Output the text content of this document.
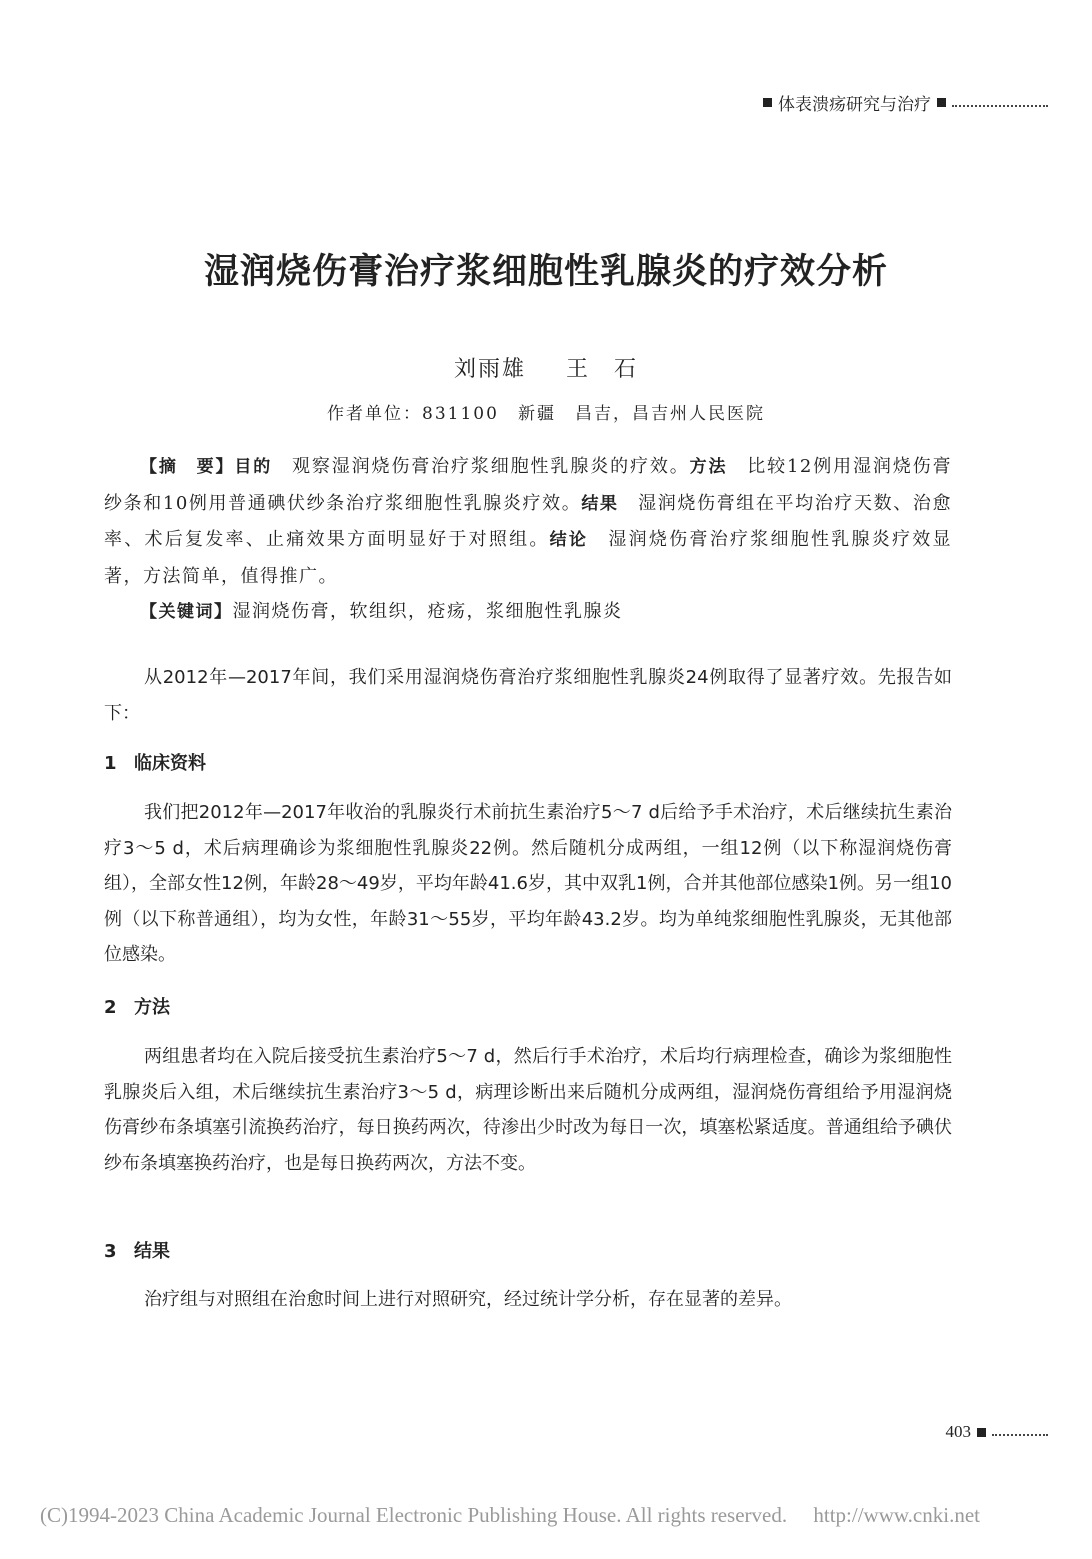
体表溃疡研究与治疗
湿润烧伤膏治疗浆细胞性乳腺炎的疗效分析
刘雨雄 王　石
作者单位：831100　新疆　昌吉，昌吉州人民医院

【摘　要】目的　观察湿润烧伤膏治疗浆细胞性乳腺炎的疗效。方法　比较12例用湿润烧伤膏纱条和10例用普通碘伏纱条治疗浆细胞性乳腺炎疗效。结果　湿润烧伤膏组在平均治疗天数、治愈率、术后复发率、止痛效果方面明显好于对照组。结论　湿润烧伤膏治疗浆细胞性乳腺炎疗效显著，方法简单，值得推广。

【关键词】湿润烧伤膏，软组织，疮疡，浆细胞性乳腺炎

从2012年—2017年间，我们采用湿润烧伤膏治疗浆细胞性乳腺炎24例取得了显著疗效。先报告如下：

1 临床资料

我们把2012年—2017年收治的乳腺炎行术前抗生素治疗5～7 d后给予手术治疗，术后继续抗生素治疗3～5 d，术后病理确诊为浆细胞性乳腺炎22例。然后随机分成两组，一组12例（以下称湿润烧伤膏组），全部女性12例，年龄28～49岁，平均年龄41.6岁，其中双乳1例，合并其他部位感染1例。另一组10例（以下称普通组），均为女性，年龄31～55岁，平均年龄43.2岁。均为单纯浆细胞性乳腺炎，无其他部位感染。

2 方法

两组患者均在入院后接受抗生素治疗5～7 d，然后行手术治疗，术后均行病理检查，确诊为浆细胞性乳腺炎后入组，术后继续抗生素治疗3～5 d，病理诊断出来后随机分成两组，湿润烧伤膏组给予用湿润烧伤膏纱布条填塞引流换药治疗，每日换药两次，待渗出少时改为每日一次，填塞松紧适度。普通组给予碘伏纱布条填塞换药治疗，也是每日换药两次，方法不变。

3 结果

治疗组与对照组在治愈时间上进行对照研究，经过统计学分析，存在显著的差异。

403
(C)1994-2023 China Academic Journal Electronic Publishing House. All rights reserved.　 http://www.cnki.net
